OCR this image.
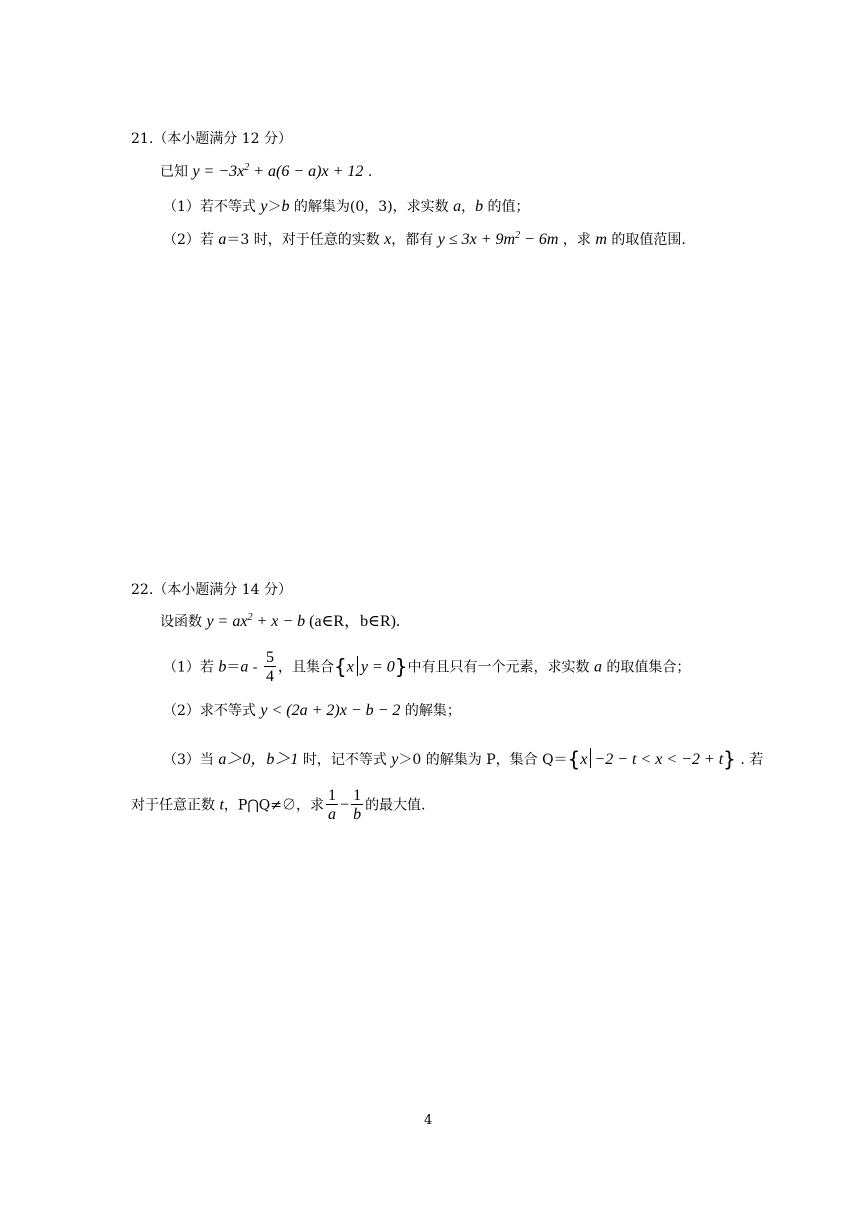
21.（本小题满分 12 分）
已知 $y = -3x^2 + a(6 - a)x + 12$ .
（1）若不等式 y＞b 的解集为(0，3)，求实数 a，b 的值；
（2）若 a＝3 时，对于任意的实数 x，都有 $y \le 3x + 9m^2 - 6m$ ，求 m 的取值范围.
22.（本小题满分 14 分）
设函数 $y = ax^2 + x - b$ (a∈R，b∈R).
（1）若 $b=a - \frac{5}{4}$ ，且集合{x y = 0}中有且只有一个元素，求实数 a 的取值集合；
（2）求不等式 y < (2a + 2)x − b − 2 的解集；
（3）当 a＞0，b＞1 时，记不等式 y＞0 的解集为 P，集合 Q＝{x −2 − t < x < −2 + t} . 若
对于任意正数 t，P⋂Q≠∅，求 $\frac{1}{a} - \frac{1}{b}$ 的最大值.
4
